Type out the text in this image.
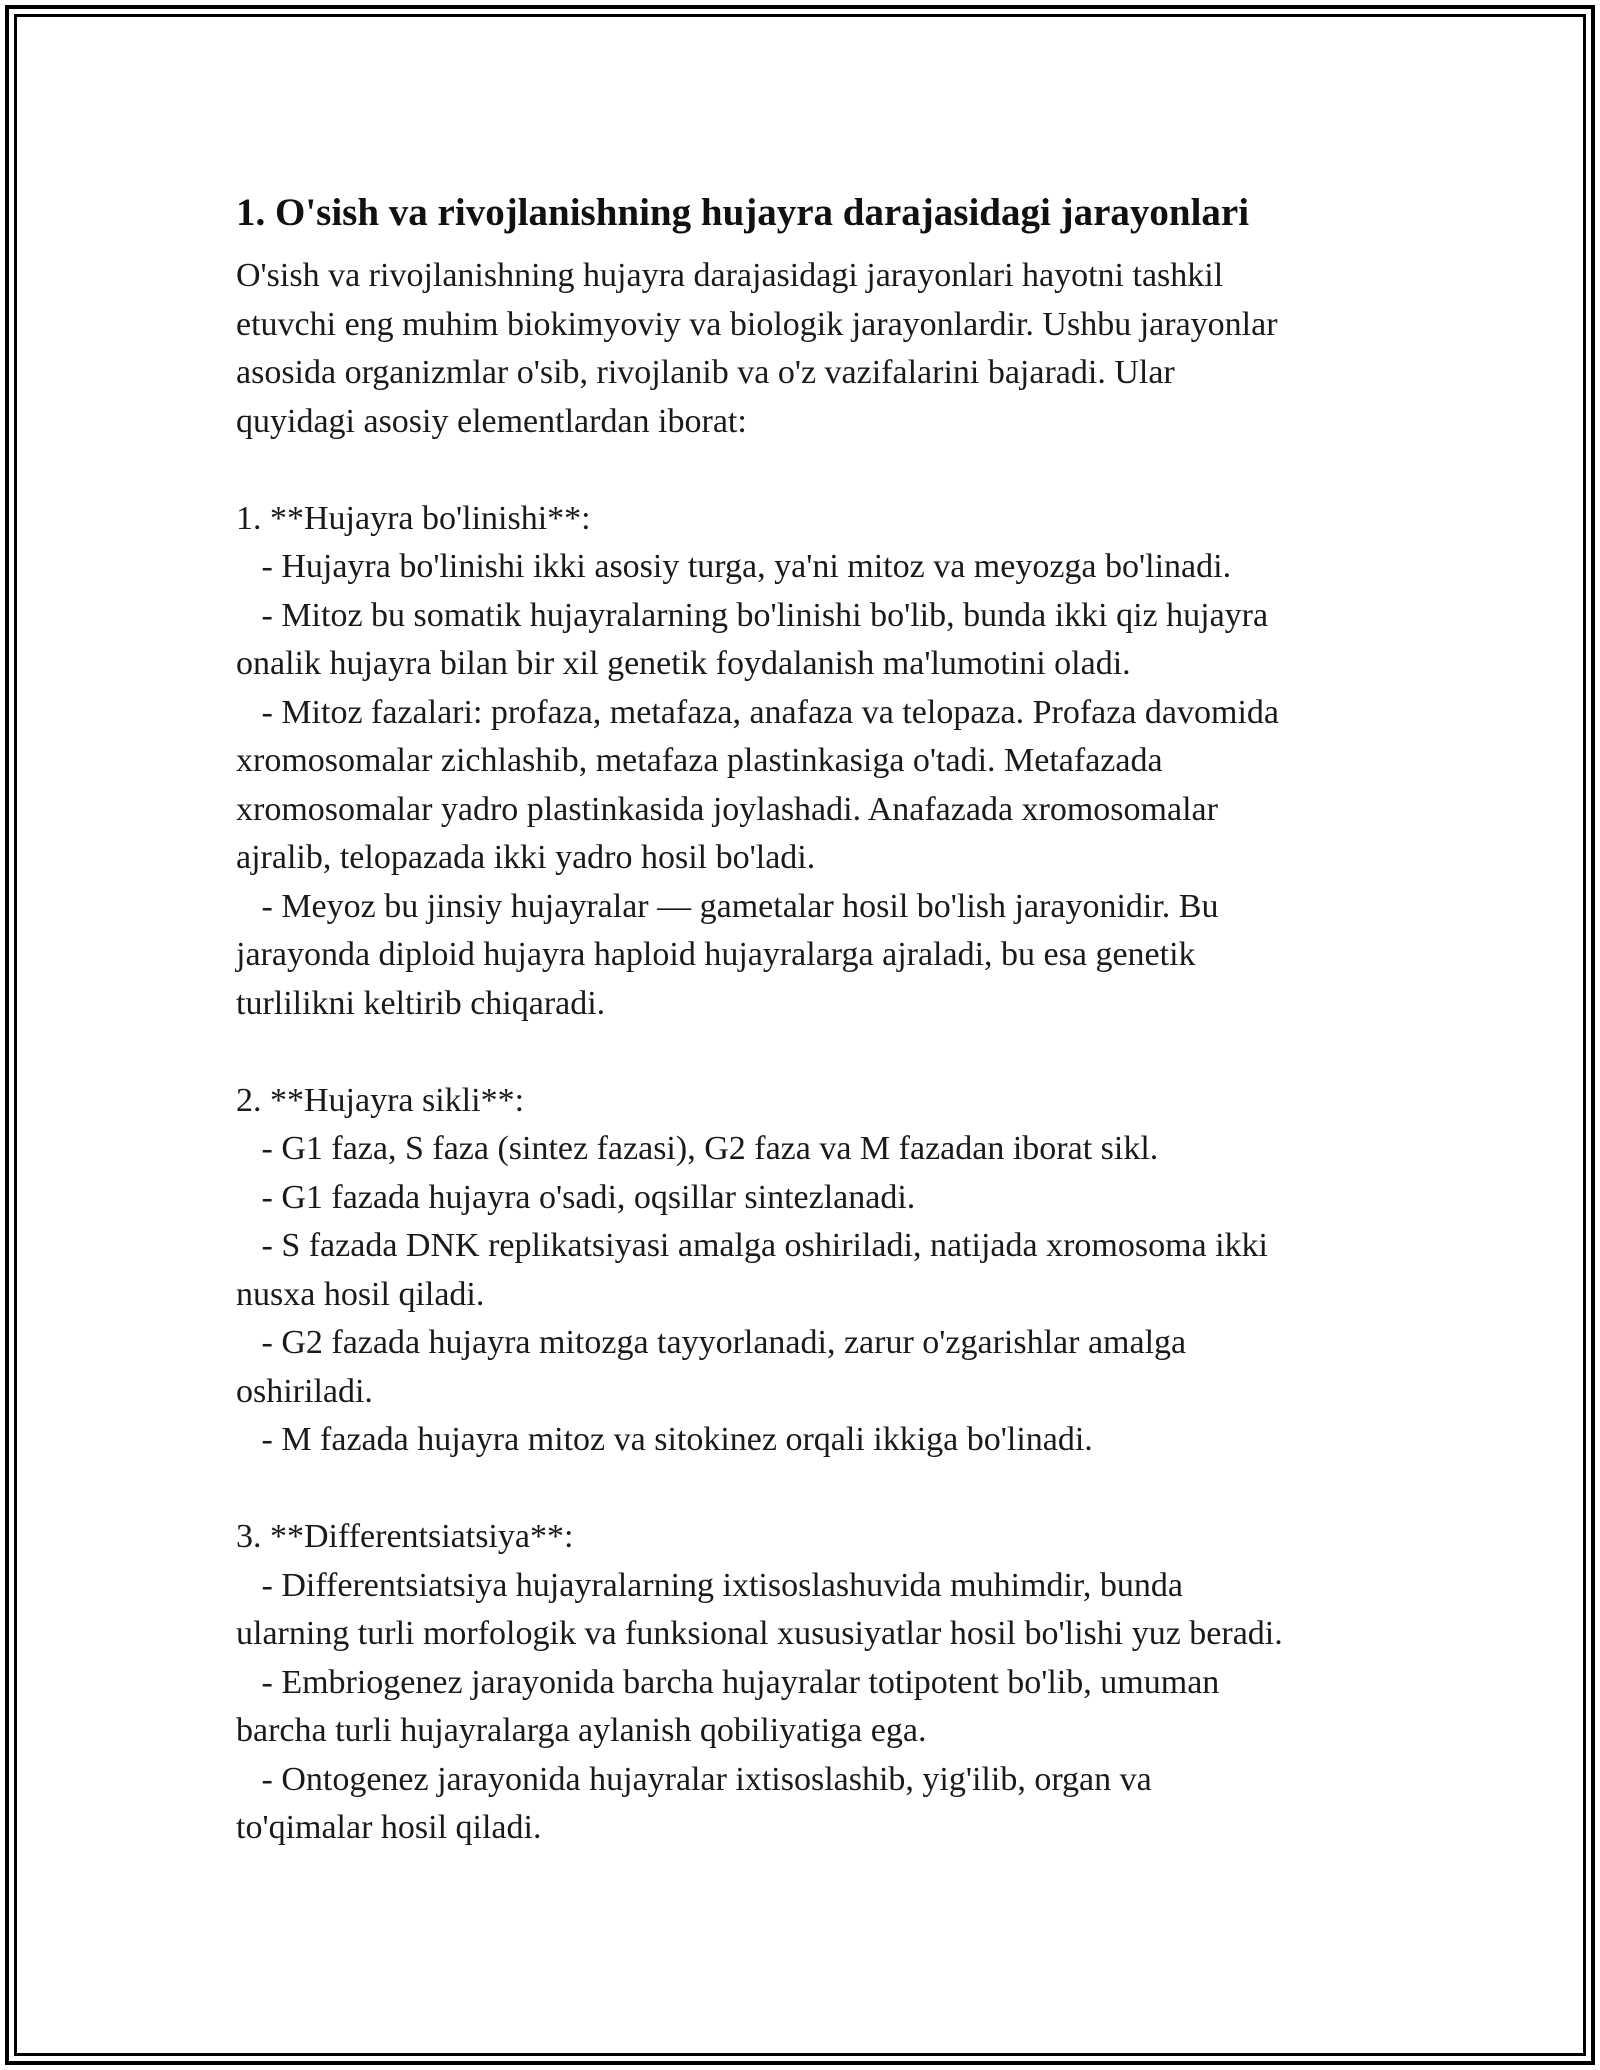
1. O'sish va rivojlanishning hujayra darajasidagi jarayonlari

O'sish va rivojlanishning hujayra darajasidagi jarayonlari hayotni tashkil
etuvchi eng muhim biokimyoviy va biologik jarayonlardir. Ushbu jarayonlar
asosida organizmlar o'sib, rivojlanib va o'z vazifalarini bajaradi. Ular
quyidagi asosiy elementlardan iborat:

1. **Hujayra bo'linishi**:
- Hujayra bo'linishi ikki asosiy turga, ya'ni mitoz va meyozga bo'linadi.
- Mitoz bu somatik hujayralarning bo'linishi bo'lib, bunda ikki qiz hujayra
onalik hujayra bilan bir xil genetik foydalanish ma'lumotini oladi.
- Mitoz fazalari: profaza, metafaza, anafaza va telopaza. Profaza davomida
xromosomalar zichlashib, metafaza plastinkasiga o'tadi. Metafazada
xromosomalar yadro plastinkasida joylashadi. Anafazada xromosomalar
ajralib, telopazada ikki yadro hosil bo'ladi.
- Meyoz bu jinsiy hujayralar — gametalar hosil bo'lish jarayonidir. Bu
jarayonda diploid hujayra haploid hujayralarga ajraladi, bu esa genetik
turlilikni keltirib chiqaradi.

2. **Hujayra sikli**:
- G1 faza, S faza (sintez fazasi), G2 faza va M fazadan iborat sikl.
- G1 fazada hujayra o'sadi, oqsillar sintezlanadi.
- S fazada DNK replikatsiyasi amalga oshiriladi, natijada xromosoma ikki
nusxa hosil qiladi.
- G2 fazada hujayra mitozga tayyorlanadi, zarur o'zgarishlar amalga
oshiriladi.
- M fazada hujayra mitoz va sitokinez orqali ikkiga bo'linadi.

3. **Differentsiatsiya**:
- Differentsiatsiya hujayralarning ixtisoslashuvida muhimdir, bunda
ularning turli morfologik va funksional xususiyatlar hosil bo'lishi yuz beradi.
- Embriogenez jarayonida barcha hujayralar totipotent bo'lib, umuman
barcha turli hujayralarga aylanish qobiliyatiga ega.
- Ontogenez jarayonida hujayralar ixtisoslashib, yig'ilib, organ va
to'qimalar hosil qiladi.
